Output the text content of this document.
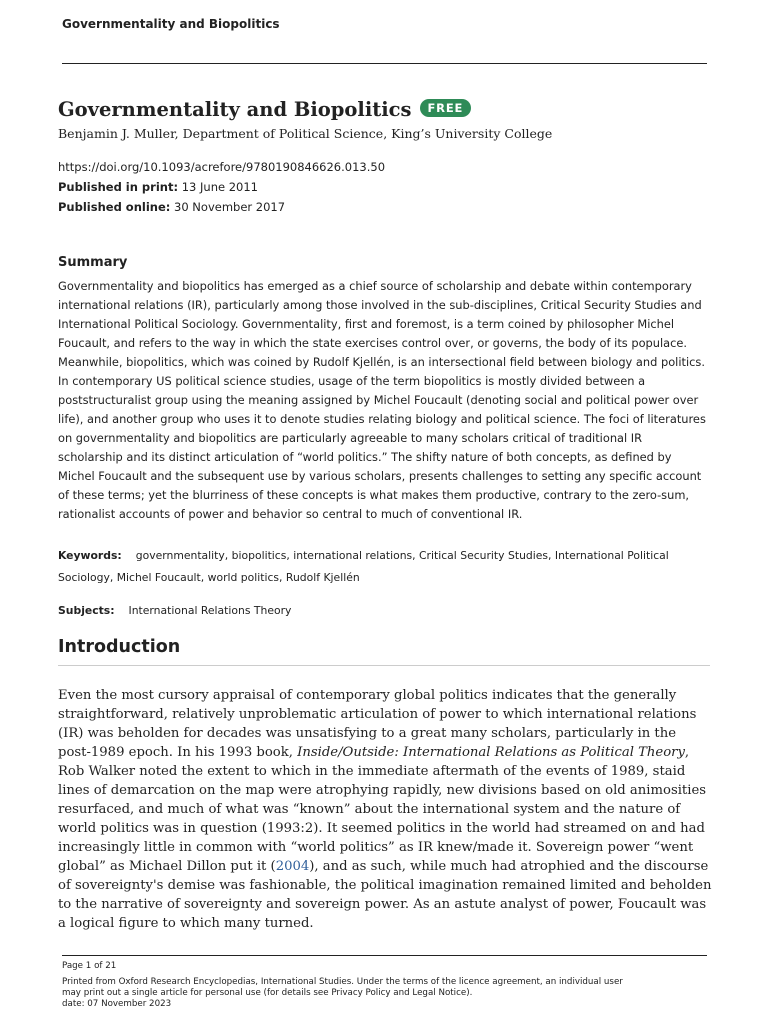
Governmentality and Biopolitics
Governmentality and Biopolitics	FREE
Benjamin J. Muller, Department of Political Science, King’s University College
https://doi.org/10.1093/acrefore/9780190846626.013.50
Published in print: 13 June 2011
Published online: 30 November 2017
Summary
Governmentality and biopolitics has emerged as a chief source of scholarship and debate within contemporary international relations (IR), particularly among those involved in the sub-disciplines, Critical Security Studies and International Political Sociology. Governmentality, first and foremost, is a term coined by philosopher Michel Foucault, and refers to the way in which the state exercises control over, or governs, the body of its populace. Meanwhile, biopolitics, which was coined by Rudolf Kjellén, is an intersectional field between biology and politics. In contemporary US political science studies, usage of the term biopolitics is mostly divided between a poststructuralist group using the meaning assigned by Michel Foucault (denoting social and political power over life), and another group who uses it to denote studies relating biology and political science. The foci of literatures on governmentality and biopolitics are particularly agreeable to many scholars critical of traditional IR scholarship and its distinct articulation of “world politics.” The shifty nature of both concepts, as defined by Michel Foucault and the subsequent use by various scholars, presents challenges to setting any specific account of these terms; yet the blurriness of these concepts is what makes them productive, contrary to the zero-sum, rationalist accounts of power and behavior so central to much of conventional IR.
Keywords: governmentality, biopolitics, international relations, Critical Security Studies, International Political Sociology, Michel Foucault, world politics, Rudolf Kjellén
Subjects: International Relations Theory
Introduction
Even the most cursory appraisal of contemporary global politics indicates that the generally straightforward, relatively unproblematic articulation of power to which international relations (IR) was beholden for decades was unsatisfying to a great many scholars, particularly in the post-1989 epoch. In his 1993 book, Inside/Outside: International Relations as Political Theory, Rob Walker noted the extent to which in the immediate aftermath of the events of 1989, staid lines of demarcation on the map were atrophying rapidly, new divisions based on old animosities resurfaced, and much of what was “known” about the international system and the nature of world politics was in question (1993:2). It seemed politics in the world had streamed on and had increasingly little in common with “world politics” as IR knew/made it. Sovereign power “went global” as Michael Dillon put it (2004), and as such, while much had atrophied and the discourse of sovereignty's demise was fashionable, the political imagination remained limited and beholden to the narrative of sovereignty and sovereign power. As an astute analyst of power, Foucault was a logical figure to which many turned.
Page 1 of 21
Printed from Oxford Research Encyclopedias, International Studies. Under the terms of the licence agreement, an individual user
may print out a single article for personal use (for details see Privacy Policy and Legal Notice).
date: 07 November 2023
